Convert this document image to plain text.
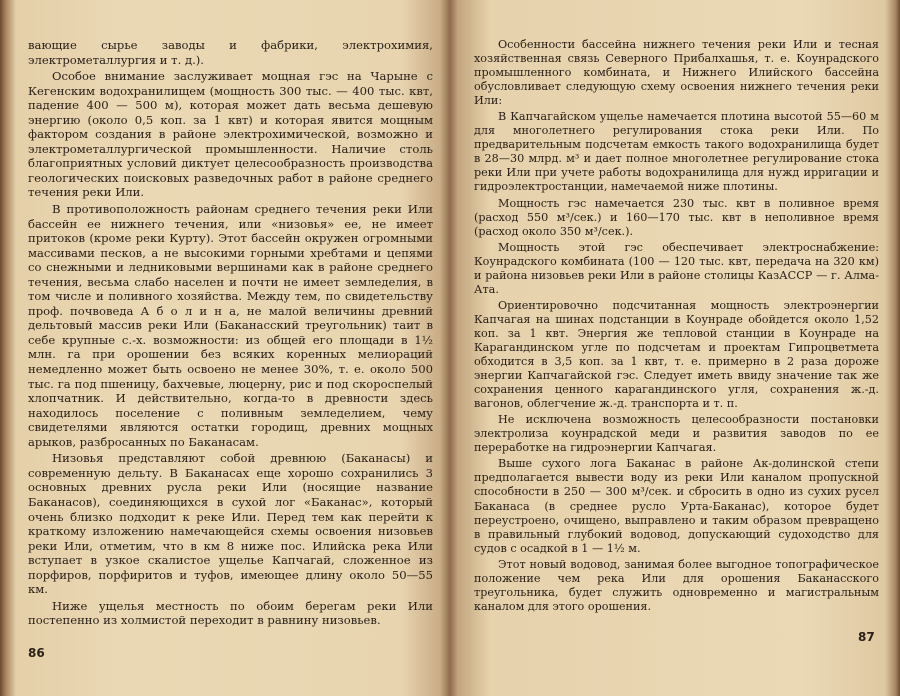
вающие сырье заводы и фабрики, электрохимия, электрометаллургия и т. д.).

Особое внимание заслуживает мощная гэс на Чарыне с Кегенским водохранилищем (мощность 300 тыс. — 400 тыс. квт, падение 400 — 500 м), которая может дать весьма дешевую энергию (около 0,5 коп. за 1 квт) и которая явится мощным фактором создания в районе электрохимической, возможно и электрометаллургической промышленности. Наличие столь благоприятных условий диктует целесообразность производства геологических поисковых разведочных работ в районе среднего течения реки Или.

В противоположность районам среднего течения реки Или бассейн ее нижнего течения, или «низовья» ее, не имеет притоков (кроме реки Курту). Этот бассейн окружен огромными массивами песков, а не высокими горными хребтами и цепями со снежными и ледниковыми вершинами как в районе среднего течения, весьма слабо населен и почти не имеет земледелия, в том числе и поливного хозяйства. Между тем, по свидетельству проф. почвоведа А б о л и н а, не малой величины древний дельтовый массив реки Или (Баканасский треугольник) таит в себе крупные с.-х. возможности: из общей его площади в 1½ млн. га при орошении без всяких коренных мелиораций немедленно может быть освоено не менее 30%, т. е. около 500 тыс. га под пшеницу, бахчевые, люцерну, рис и под скороспелый хлопчатник. И действительно, когда-то в древности здесь находилось поселение с поливным земледелием, чему свидетелями являются остатки городищ, древних мощных арыков, разбросанных по Баканасам.

Низовья представляют собой древнюю (Баканасы) и современную дельту. В Баканасах еще хорошо сохранились 3 основных древних русла реки Или (носящие название Баканасов), соединяющихся в сухой лог «Баканас», который очень близко подходит к реке Или. Перед тем как перейти к краткому изложению намечающейся схемы освоения низовьев реки Или, отметим, что в км 8 ниже пос. Илийска река Или вступает в узкое скалистое ущелье Капчагай, сложенное из порфиров, порфиритов и туфов, имеющее длину около 50—55 км.

Ниже ущелья местность по обоим берегам реки Или постепенно из холмистой переходит в равнину низовьев.

86

Особенности бассейна нижнего течения реки Или и тесная хозяйственная связь Северного Прибалхашья, т. е. Коунрадского промышленного комбината, и Нижнего Илийского бассейна обусловливает следующую схему освоения нижнего течения реки Или:

В Капчагайском ущелье намечается плотина высотой 55—60 м для многолетнего регулирования стока реки Или. По предварительным подсчетам емкость такого водохранилища будет в 28—30 млрд. м³ и дает полное многолетнее регулирование стока реки Или при учете работы водохранилища для нужд ирригации и гидроэлектростанции, намечаемой ниже плотины.

Мощность гэс намечается 230 тыс. квт в поливное время (расход 550 м³/сек.) и 160—170 тыс. квт в неполивное время (расход около 350 м³/сек.).

Мощность этой гэс обеспечивает электроснабжение: Коунрадского комбината (100 — 120 тыс. квт, передача на 320 км) и района низовьев реки Или в районе столицы КазАССР — г. Алма-Ата.

Ориентировочно подсчитанная мощность электроэнергии Капчагая на шинах подстанции в Коунраде обойдется около 1,52 коп. за 1 квт. Энергия же тепловой станции в Коунраде на Карагандинском угле по подсчетам и проектам Гипроцветмета обходится в 3,5 коп. за 1 квт, т. е. примерно в 2 раза дороже энергии Капчагайской гэс. Следует иметь ввиду значение так же сохранения ценного карагандинского угля, сохранения ж.-д. вагонов, облегчение ж.-д. транспорта и т. п.

Не исключена возможность целесообразности постановки электролиза коунрадской меди и развития заводов по ее переработке на гидроэнергии Капчагая.

Выше сухого лога Баканас в районе Ак-долинской степи предполагается вывести воду из реки Или каналом пропускной способности в 250 — 300 м³/сек. и сбросить в одно из сухих русел Баканаса (в среднее русло Урта-Баканас), которое будет переустроено, очищено, выправлено и таким образом превращено в правильный глубокий водовод, допускающий судоходство для судов с осадкой в 1 — 1½ м.

Этот новый водовод, занимая более выгодное топографическое положение чем река Или для орошения Баканасского треугольника, будет служить одновременно и магистральным каналом для этого орошения.

87
